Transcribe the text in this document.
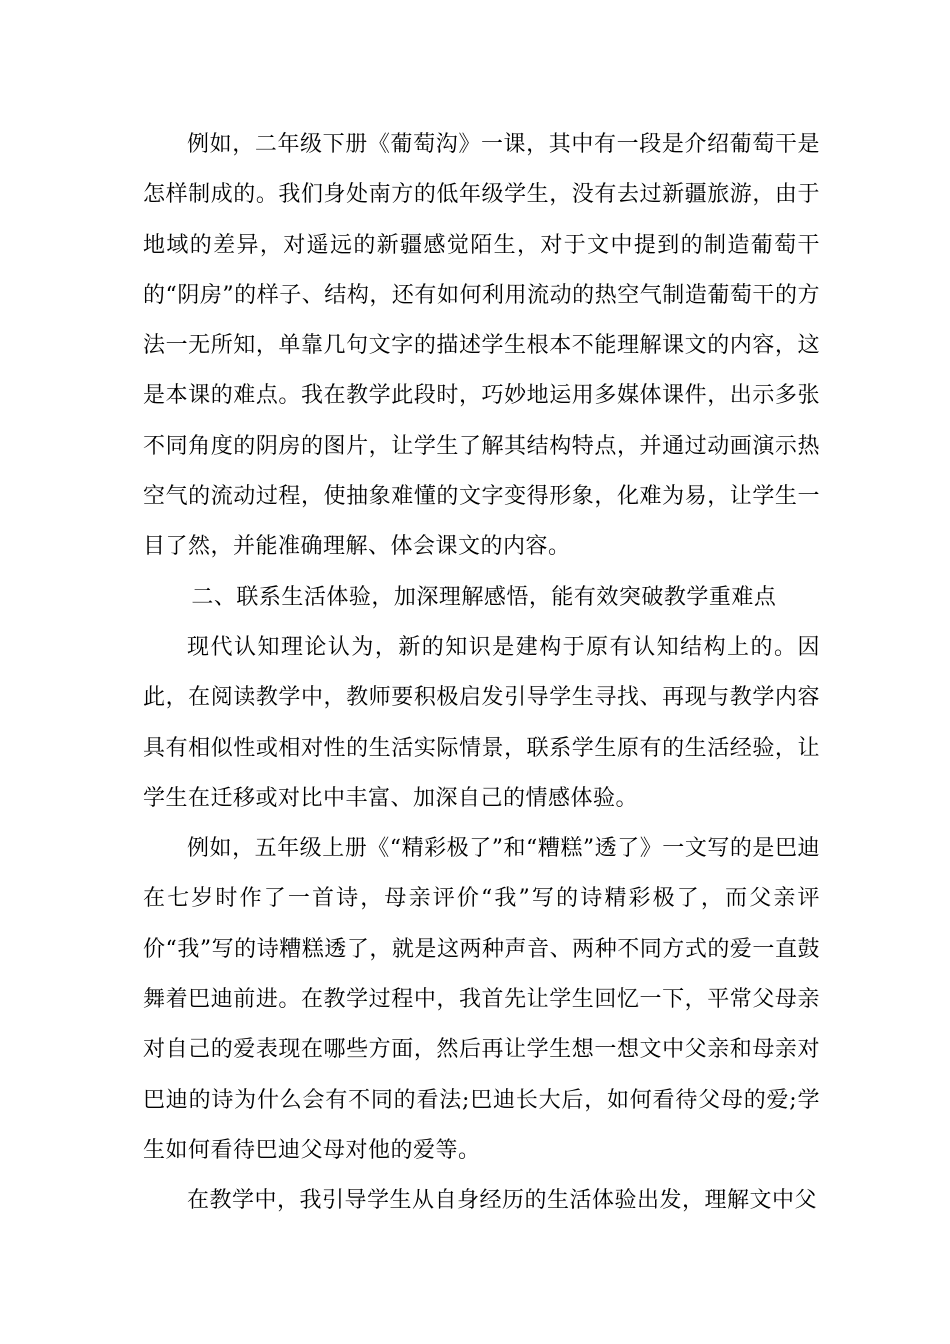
例如，二年级下册《葡萄沟》一课，其中有一段是介绍葡萄干是怎样制成的。我们身处南方的低年级学生，没有去过新疆旅游，由于地域的差异，对遥远的新疆感觉陌生，对于文中提到的制造葡萄干的“阴房”的样子、结构，还有如何利用流动的热空气制造葡萄干的方法一无所知，单靠几句文字的描述学生根本不能理解课文的内容，这是本课的难点。我在教学此段时，巧妙地运用多媒体课件，出示多张不同角度的阴房的图片，让学生了解其结构特点，并通过动画演示热空气的流动过程，使抽象难懂的文字变得形象，化难为易，让学生一目了然，并能准确理解、体会课文的内容。

二、联系生活体验，加深理解感悟，能有效突破教学重难点

现代认知理论认为，新的知识是建构于原有认知结构上的。因此，在阅读教学中，教师要积极启发引导学生寻找、再现与教学内容具有相似性或相对性的生活实际情景，联系学生原有的生活经验，让学生在迁移或对比中丰富、加深自己的情感体验。

例如，五年级上册《“精彩极了”和“糟糕”透了》一文写的是巴迪在七岁时作了一首诗，母亲评价“我”写的诗精彩极了，而父亲评价“我”写的诗糟糕透了，就是这两种声音、两种不同方式的爱一直鼓舞着巴迪前进。在教学过程中，我首先让学生回忆一下，平常父母亲对自己的爱表现在哪些方面，然后再让学生想一想文中父亲和母亲对巴迪的诗为什么会有不同的看法;巴迪长大后，如何看待父母的爱;学生如何看待巴迪父母对他的爱等。

在教学中，我引导学生从自身经历的生活体验出发，理解文中父
